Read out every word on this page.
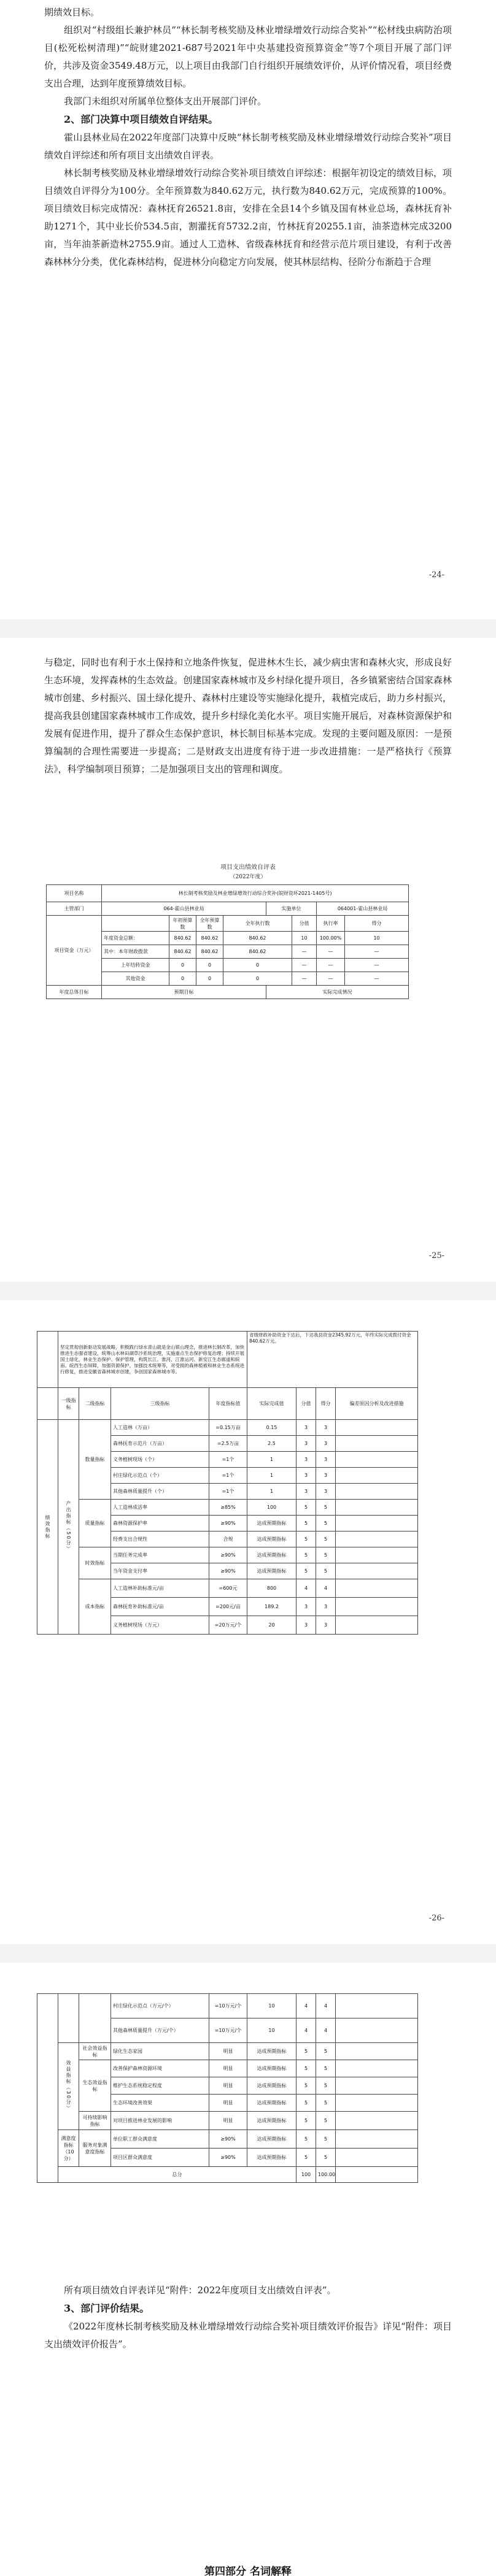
期绩效目标。

组织对“村级组长兼护林员”“林长制考核奖励及林业增绿增效行动综合奖补”“松材线虫病防治项目(松死松树清理)”“皖财建2021-687号2021年中央基建投资预算资金”等7个项目开展了部门评价，共涉及资金3549.48万元，以上项目由我部门自行组织开展绩效评价，从评价情况看，项目经费支出合理，达到年度预算绩效目标。

我部门未组织对所属单位整体支出开展部门评价。

2、部门决算中项目绩效自评结果。

霍山县林业局在2022年度部门决算中反映“林长制考核奖励及林业增绿增效行动综合奖补”项目绩效自评综述和所有项目支出绩效自评表。

林长制考核奖励及林业增绿增效行动综合奖补项目绩效自评综述：根据年初设定的绩效目标，项目绩效自评得分为100分。全年预算数为840.62万元，执行数为840.62万元，完成预算的100%。项目绩效目标完成情况：森林抚育26521.8亩，安排在全县14个乡镇及国有林业总场，森林抚育补助1271个，其中业长价534.5亩，割灌抚育5732.2亩，竹林抚育20255.1亩，油茶造林完成3200亩，当年油茶新造林2755.9亩。通过人工造林、省级森林抚育和经营示范片项目建设，有利于改善森林林分分类，优化森林结构，促进林分向稳定方向发展，使其林层结构、径阶分布渐趋于合理

-24-

与稳定，同时也有利于水土保持和立地条件恢复，促进林木生长，减少病虫害和森林火灾，形成良好生态环境，发挥森林的生态效益。创建国家森林城市及乡村绿化提升项目，各乡镇紧密结合国家森林城市创建、乡村振兴、国土绿化提升、森林村庄建设等实施绿化提升，栽植完成后，助力乡村振兴，提高我县创建国家森林城市工作成效，提升乡村绿化美化水平。项目实施开展后，对森林资源保护和发展有促进作用，提升了群众生态保护意识，林长制目标基本完成。发现的主要问题及原因：一是预算编制的合理性需要进一步提高；二是财政支出进度有待于进一步改进措施：一是严格执行《预算法》，科学编制项目预算；二是加强项目支出的管理和调度。

项目支出绩效自评表
（2022年度）
项目名称	林长制考核奖励及林业增绿增效行动综合奖补(皖财资环2021-1405号)							
主管部门	064-霍山县林业局				实施单位		064001-霍山县林业局	
项目资金（万元）		年初预算数	全年预算数	全年执行数		分值	执行率	得分
	年度资金总额：	840.62	840.62	840.62		10	100.00%	10
	其中：本年财政拨款	840.62	840.62	840.62		—	—	—
	上年结转资金	0	0	0		—	—	—
	其他资金	0	0	0		—	—	—
年度总体目标	预期目标				实际完成情况			
-25-
	坚定贯彻创新驱动发展战略，积极践行绿水青山就是金山银山理念，推进林长制改革，加快推进生态强省建设，统筹山水林田湖草沙系统治理，实施重点生态保护修复治理；持续开展国土绿化，林业生态保护、保护管理，构筑长江、淮河、江淮运河、新安江生态廊道和皖南、皖西生态屏障，加强资源保护、加强技术统筹等，对受损的森林植被和林业生态系统进行修复，推进安徽省森林城市创建，争创国家森林城市等。				省级财政补助资金下达后，下达我县资金2345.92万元，年终实际完成拨付资金840.62万元。			
	一级指标	二级指标	三级指标	年度指标值	实际完成值	分值	得分	偏差原因分析及改进措施
绩效指标	产出指标（50分）	数量指标	人工造林（万亩）	=0.15万亩	0.15	3	3	
			森林抚育示范片（万亩）	=2.5万亩	2.5	3	3	
			义务植树现场（个）	=1个	1	3	3	
			村庄绿化示范点（个）	=1个	1	3	3	
			其他森林质量提升（个）	=1个	1	3	3	
		质量指标	人工造林成活率	≥85%	100	5	5	
			森林资源保护率	≥90%	达成预期指标	5	5	
			经费支出合规性	合规	达成预期指标	5	5	
		时效指标	当期任务完成率	≥90%	达成预期指标	5	5	
			当年资金支付率	≥90%	达成预期指标	5	5	
		成本指标	人工造林补助标准元/亩	=600元	800	4	4	
			森林抚育补助标准元/亩	=200元/亩	189.2	3	3	
			义务植树现场（万元）	=20万元/个	20	3	3	
-26-
			村庄绿化示范点（万元/个）	=10万元/个	10	4	4	
			其他森林质量提升（万元/个）	=10万元/个	10	4	4	
	效益指标（30分）	社会效益指标	绿化生态家园	明显	达成预期指标	5	5	
		生态效益指标	改善保护森林资源环境	明显	达成预期指标	5	5	
			维护生态系统稳定程度	明显	达成预期指标	5	5	
			生态环境改善效果	明显	达成预期指标	5	5	
		可持续影响指标	对项目推进林业发展的影响	明显	达成预期指标	5	5	
	满意度指标（10分）	服务对象满意度指标	单位职工群众满意度	≥90%	达成预期指标	5	5	
			项目区群众满意度	≥90%	达成预期指标	5	5	
	总分					100	100.00	

所有项目绩效自评表详见“附件：2022年度项目支出绩效自评表”。

3、部门评价结果。

《2022年度林长制考核奖励及林业增绿增效行动综合奖补项目绩效评价报告》详见“附件：项目支出绩效评价报告”。

第四部分 名词解释
